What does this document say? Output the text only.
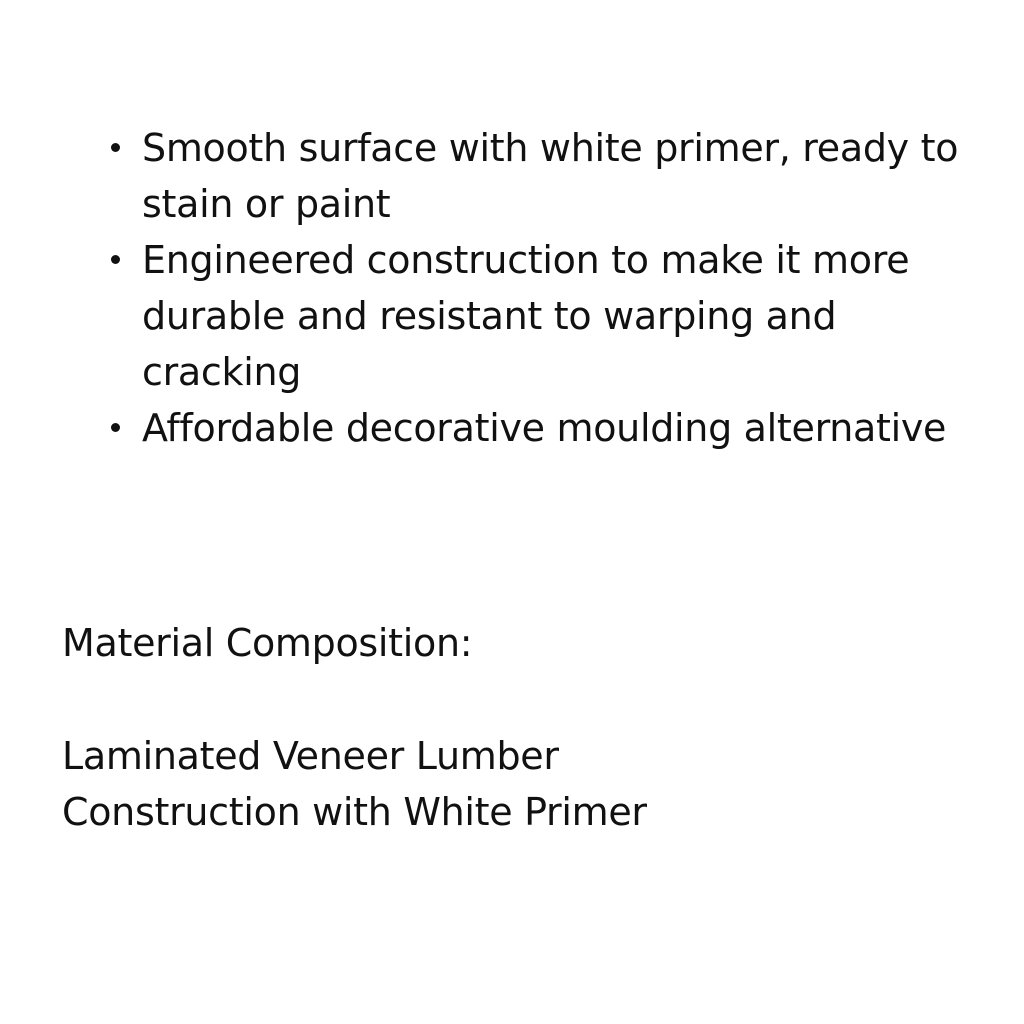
Smooth surface with white primer, ready to stain or paint
Engineered construction to make it more durable and resistant to warping and cracking
Affordable decorative moulding alternative
Material Composition:
Laminated Veneer Lumber
Construction with White Primer
